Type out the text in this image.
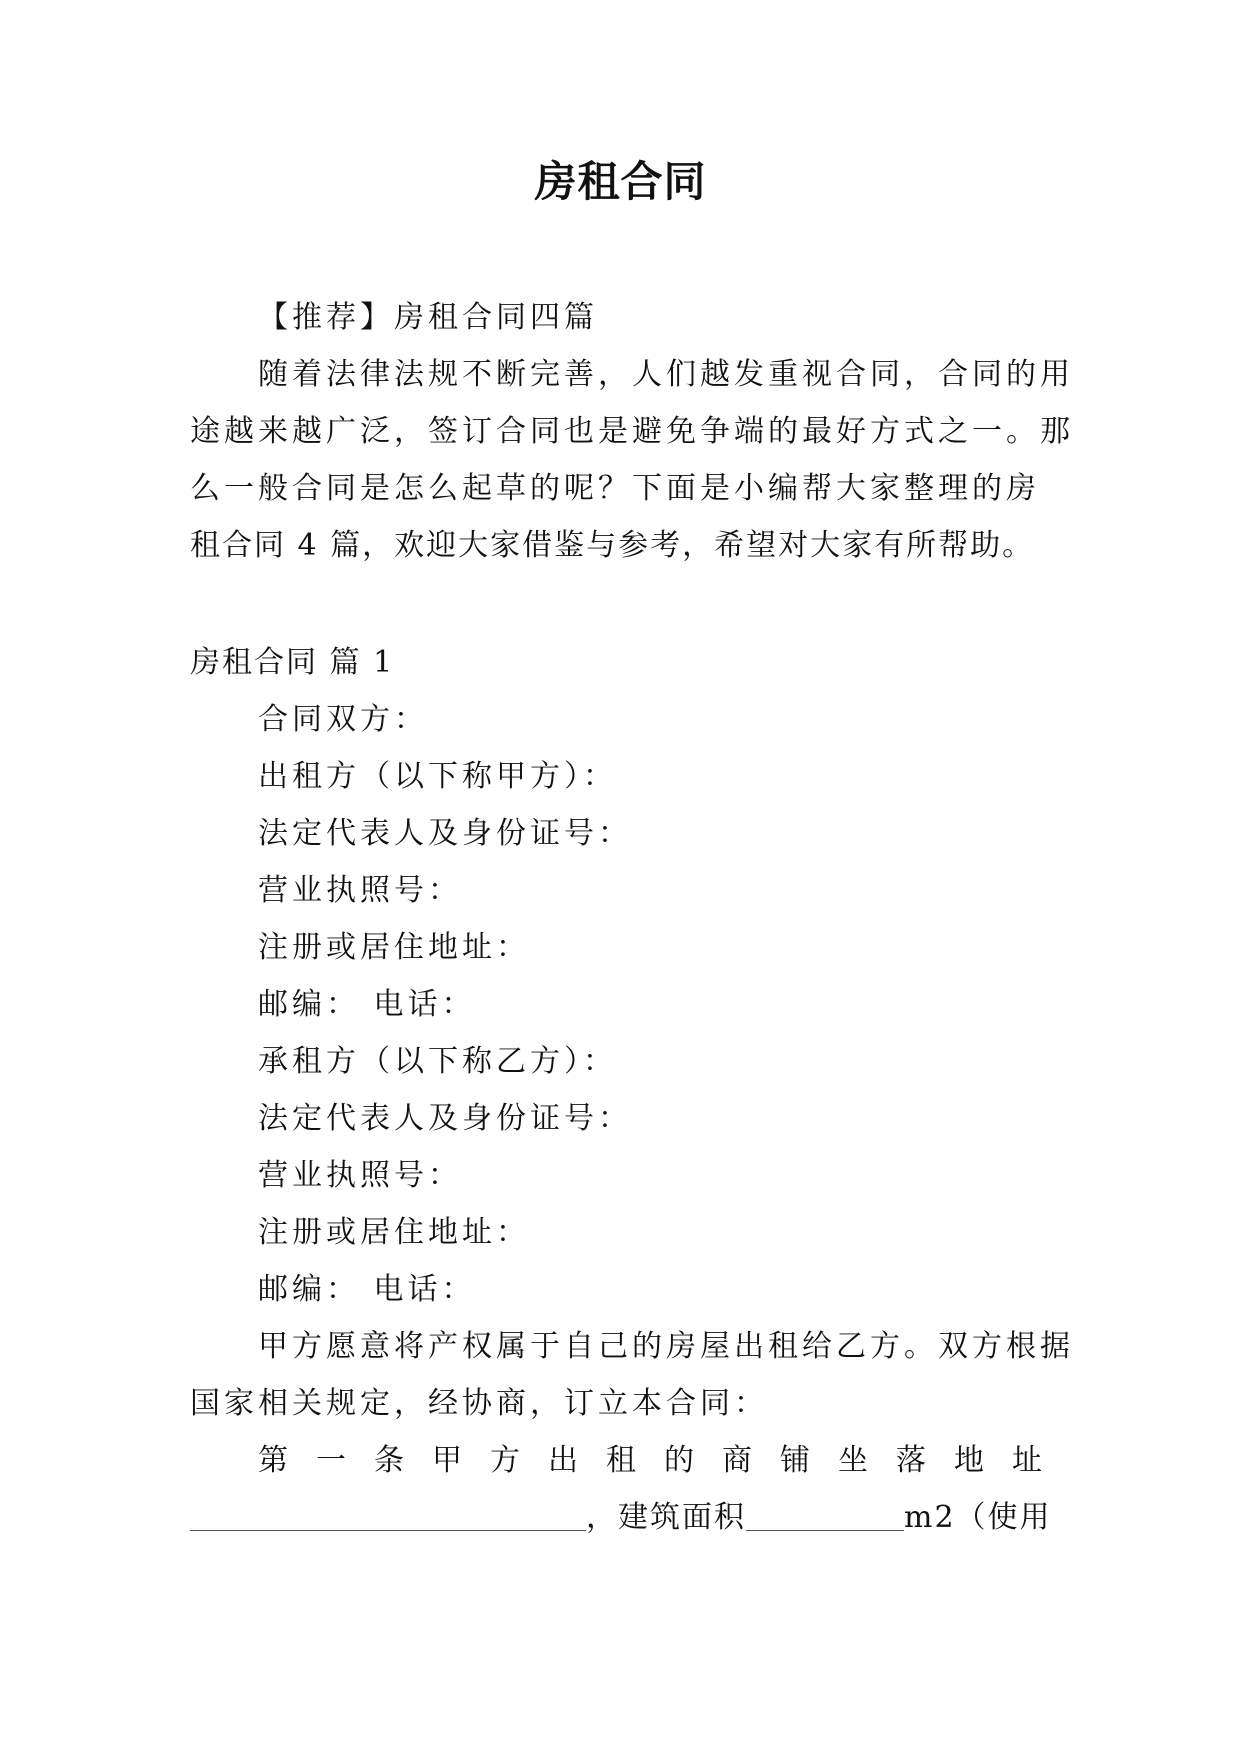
房租合同
【推荐】房租合同四篇
随着法律法规不断完善，人们越发重视合同，合同的用
途越来越广泛，签订合同也是避免争端的最好方式之一。那
么一般合同是怎么起草的呢？下面是小编帮大家整理的房
租合同 4 篇，欢迎大家借鉴与参考，希望对大家有所帮助。
房租合同 篇 1
合同双方：
出租方（以下称甲方）：
法定代表人及身份证号：
营业执照号：
注册或居住地址：
邮编： 电话：
承租方（以下称乙方）：
法定代表人及身份证号：
营业执照号：
注册或居住地址：
邮编： 电话：
甲方愿意将产权属于自己的房屋出租给乙方。双方根据
国家相关规定，经协商，订立本合同：
第 一 条 甲 方 出 租 的 商 铺 坐 落 地 址
，建筑面积	m2（使用
